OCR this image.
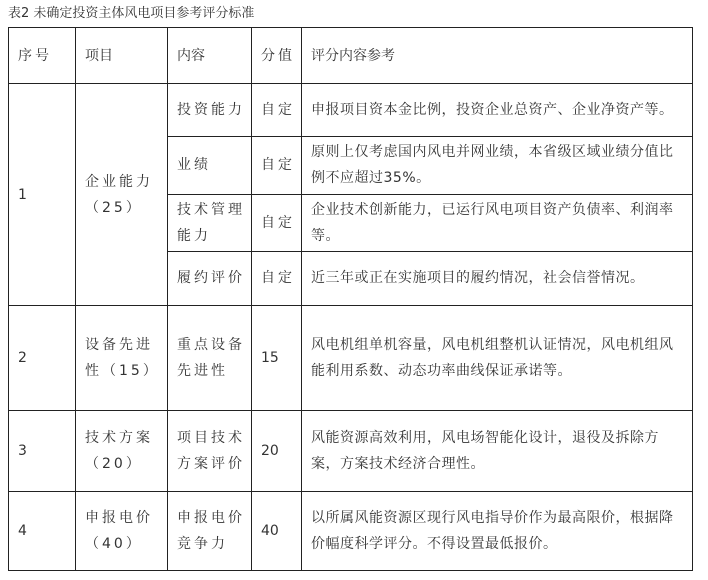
表2 未确定投资主体风电项目参考评分标准
序号	项目	内容	分值	评分内容参考
1	企业能力（25）	投资能力	自定	申报项目资本金比例，投资企业总资产、企业净资产等。
		业绩	自定	原则上仅考虑国内风电并网业绩，本省级区域业绩分值比例不应超过35%。
		技术管理能力	自定	企业技术创新能力，已运行风电项目资产负债率、利润率等。
		履约评价	自定	近三年或正在实施项目的履约情况，社会信誉情况。
2	设备先进性（15）	重点设备先进性	15	风电机组单机容量，风电机组整机认证情况，风电机组风能利用系数、动态功率曲线保证承诺等。
3	技术方案（20）	项目技术方案评价	20	风能资源高效利用，风电场智能化设计，退役及拆除方案，方案技术经济合理性。
4	申报电价（40）	申报电价竞争力	40	以所属风能资源区现行风电指导价作为最高限价，根据降价幅度科学评分。不得设置最低报价。
